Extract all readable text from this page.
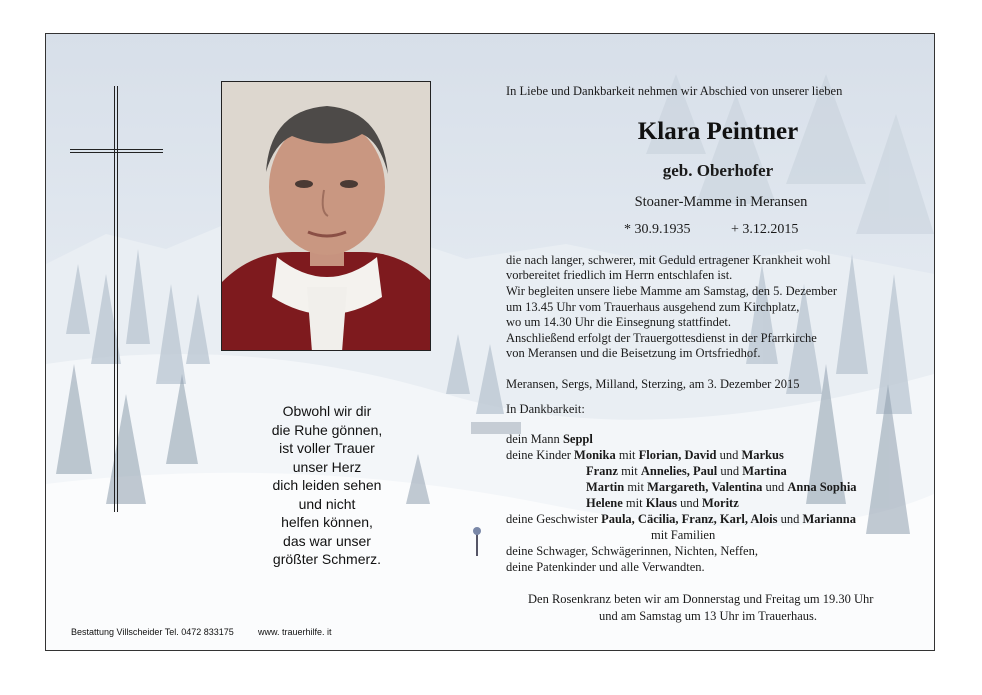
Obwohl wir dir
die Ruhe gönnen,
ist voller Trauer
unser Herz
dich leiden sehen
und nicht
helfen können,
das war unser
größter Schmerz.
In Liebe und Dankbarkeit nehmen wir Abschied von unserer lieben
Klara Peintner
geb. Oberhofer
Stoaner-Mamme in Meransen
* 30.9.1935	+ 3.12.2015
die nach langer, schwerer, mit Geduld ertragener Krankheit wohl
vorbereitet friedlich im Herrn entschlafen ist.
Wir begleiten unsere liebe Mamme am Samstag, den 5. Dezember
um 13.45 Uhr vom Trauerhaus ausgehend zum Kirchplatz,
wo um 14.30 Uhr die Einsegnung stattfindet.
Anschließend erfolgt der Trauergottesdienst in der Pfarrkirche
von Meransen und die Beisetzung im Ortsfriedhof.
Meransen, Sergs, Milland, Sterzing, am 3. Dezember 2015
In Dankbarkeit:
dein Mann Seppl
deine Kinder Monika mit Florian, David und Markus
Franz mit Annelies, Paul und Martina
Martin mit Margareth, Valentina und Anna Sophia
Helene mit Klaus und Moritz
deine Geschwister Paula, Cäcilia, Franz, Karl, Alois und Marianna
mit Familien
deine Schwager, Schwägerinnen, Nichten, Neffen,
deine Patenkinder und alle Verwandten.
Den Rosenkranz beten wir am Donnerstag und Freitag um 19.30 Uhr
und am Samstag um 13 Uhr im Trauerhaus.
Bestattung Villscheider Tel. 0472 833175	www. trauerhilfe. it
